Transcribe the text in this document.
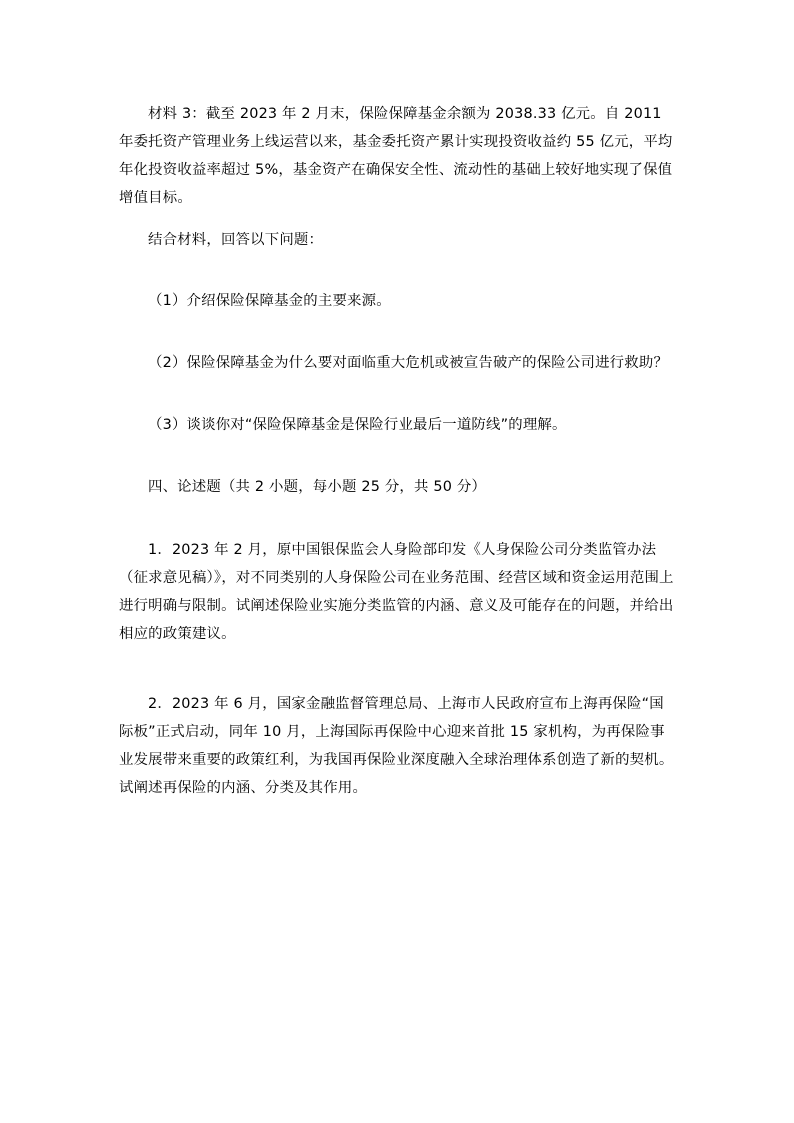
材料 3：截至 2023 年 2 月末，保险保障基金余额为 2038.33 亿元。自 2011 年委托资产管理业务上线运营以来，基金委托资产累计实现投资收益约 55 亿元，平均年化投资收益率超过 5%，基金资产在确保安全性、流动性的基础上较好地实现了保值增值目标。

结合材料，回答以下问题：

（1）介绍保险保障基金的主要来源。

（2）保险保障基金为什么要对面临重大危机或被宣告破产的保险公司进行救助？

（3）谈谈你对“保险保障基金是保险行业最后一道防线”的理解。

四、论述题（共 2 小题，每小题 25 分，共 50 分）

1．2023 年 2 月，原中国银保监会人身险部印发《人身保险公司分类监管办法（征求意见稿）》，对不同类别的人身保险公司在业务范围、经营区域和资金运用范围上进行明确与限制。试阐述保险业实施分类监管的内涵、意义及可能存在的问题，并给出相应的政策建议。

2．2023 年 6 月，国家金融监督管理总局、上海市人民政府宣布上海再保险“国际板”正式启动，同年 10 月，上海国际再保险中心迎来首批 15 家机构，为再保险事业发展带来重要的政策红利，为我国再保险业深度融入全球治理体系创造了新的契机。试阐述再保险的内涵、分类及其作用。
